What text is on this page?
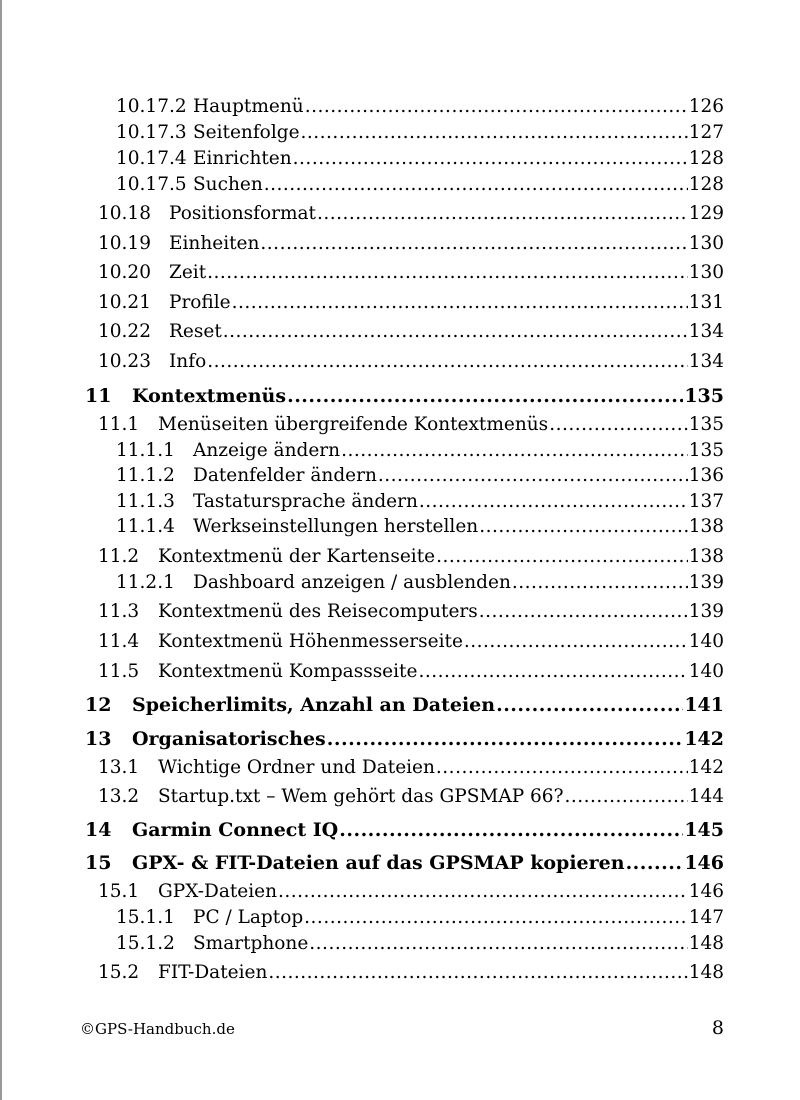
10.17.2 Hauptmenü .....	126
10.17.3 Seitenfolge .....	127
10.17.4 Einrichten .....	128
10.17.5 Suchen .....	128
10.18 Positionsformat .....	129
10.19 Einheiten .....	130
10.20 Zeit .....	130
10.21 Profile .....	131
10.22 Reset .....	134
10.23 Info .....	134
11	Kontextmenüs .....	135
11.1	Menüseiten übergreifende Kontextmenüs .....	135
11.1.1 Anzeige ändern .....	135
11.1.2 Datenfelder ändern .....	136
11.1.3 Tastatursprache ändern .....	137
11.1.4 Werkseinstellungen herstellen .....	138
11.2	Kontextmenü der Kartenseite .....	138
11.2.1 Dashboard anzeigen / ausblenden .....	139
11.3	Kontextmenü des Reisecomputers .....	139
11.4	Kontextmenü Höhenmesserseite .....	140
11.5	Kontextmenü Kompassseite .....	140
12	Speicherlimits, Anzahl an Dateien .....	141
13	Organisatorisches .....	142
13.1	Wichtige Ordner und Dateien .....	142
13.2	Startup.txt – Wem gehört das GPSMAP 66? .....	144
14	Garmin Connect IQ .....	145
15	GPX- & FIT-Dateien auf das GPSMAP kopieren .....	146
15.1	GPX-Dateien .....	146
15.1.1 PC / Laptop .....	147
15.1.2 Smartphone .....	148
15.2	FIT-Dateien .....	148
©GPS-Handbuch.de	8
